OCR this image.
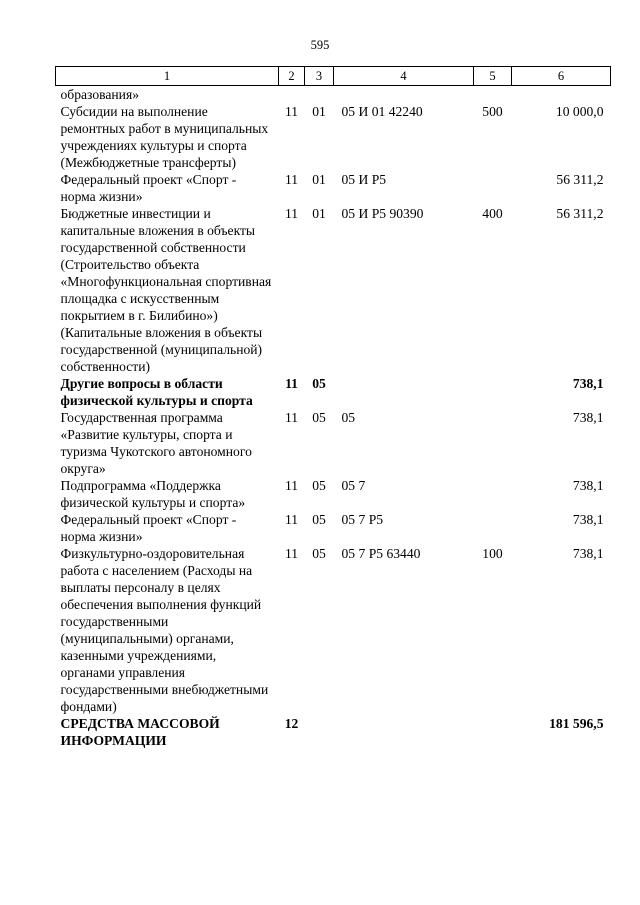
595
1	2	3	4	5	6
образования»					
Субсидии на выполнение ремонтных работ в муниципальных учреждениях культуры и спорта (Межбюджетные трансферты)	11	01	05 И 01 42240	500	10 000,0
Федеральный проект «Спорт - норма жизни»	11	01	05 И P5		56 311,2
Бюджетные инвестиции и капитальные вложения в объекты государственной собственности (Строительство объекта «Многофункциональная спортивная площадка с искусственным покрытием в г. Билибино») (Капитальные вложения в объекты государственной (муниципальной) собственности)	11	01	05 И P5 90390	400	56 311,2
Другие вопросы в области физической культуры и спорта	11	05			738,1
Государственная программа «Развитие культуры, спорта и туризма Чукотского автономного округа»	11	05	05		738,1
Подпрограмма «Поддержка физической культуры и спорта»	11	05	05 7		738,1
Федеральный проект «Спорт - норма жизни»	11	05	05 7 P5		738,1
Физкультурно-оздоровительная работа с населением (Расходы на выплаты персоналу в целях обеспечения выполнения функций государственными (муниципальными) органами, казенными учреждениями, органами управления государственными внебюджетными фондами)	11	05	05 7 P5 63440	100	738,1
СРЕДСТВА МАССОВОЙ ИНФОРМАЦИИ	12				181 596,5
